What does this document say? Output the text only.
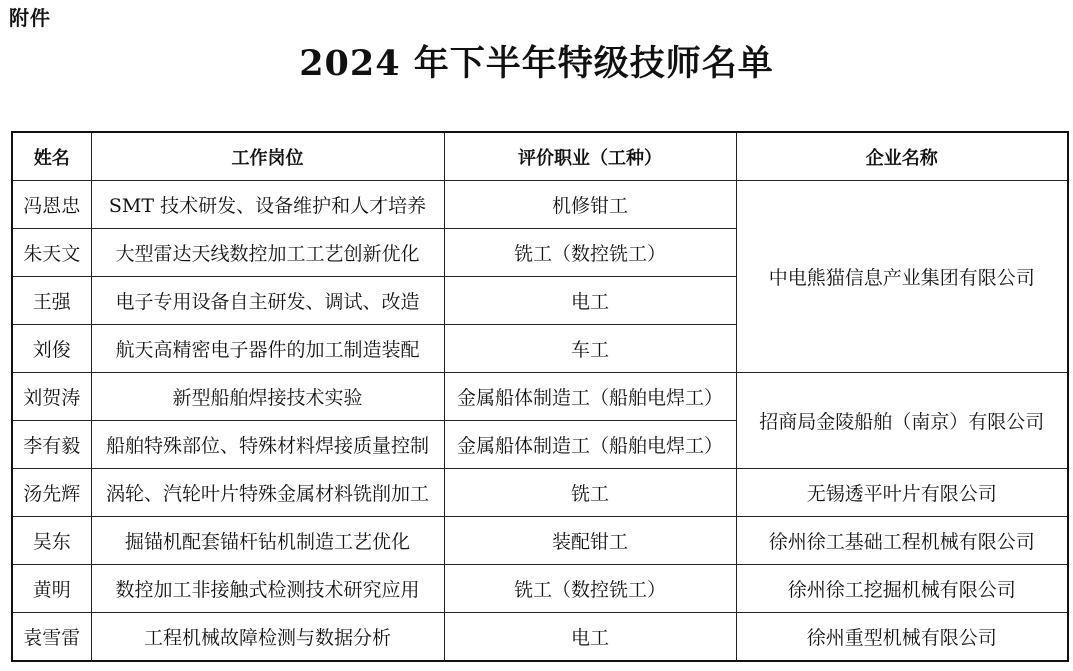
附件
2024 年下半年特级技师名单
姓名	工作岗位	评价职业（工种）	企业名称
冯恩忠	SMT 技术研发、设备维护和人才培养	机修钳工	中电熊猫信息产业集团有限公司
朱天文	大型雷达天线数控加工工艺创新优化	铣工（数控铣工）	
王强	电子专用设备自主研发、调试、改造	电工	
刘俊	航天高精密电子器件的加工制造装配	车工	
刘贺涛	新型船舶焊接技术实验	金属船体制造工（船舶电焊工）	招商局金陵船舶（南京）有限公司
李有毅	船舶特殊部位、特殊材料焊接质量控制	金属船体制造工（船舶电焊工）	
汤先辉	涡轮、汽轮叶片特殊金属材料铣削加工	铣工	无锡透平叶片有限公司
吴东	掘锚机配套锚杆钻机制造工艺优化	装配钳工	徐州徐工基础工程机械有限公司
黄明	数控加工非接触式检测技术研究应用	铣工（数控铣工）	徐州徐工挖掘机械有限公司
袁雪雷	工程机械故障检测与数据分析	电工	徐州重型机械有限公司
